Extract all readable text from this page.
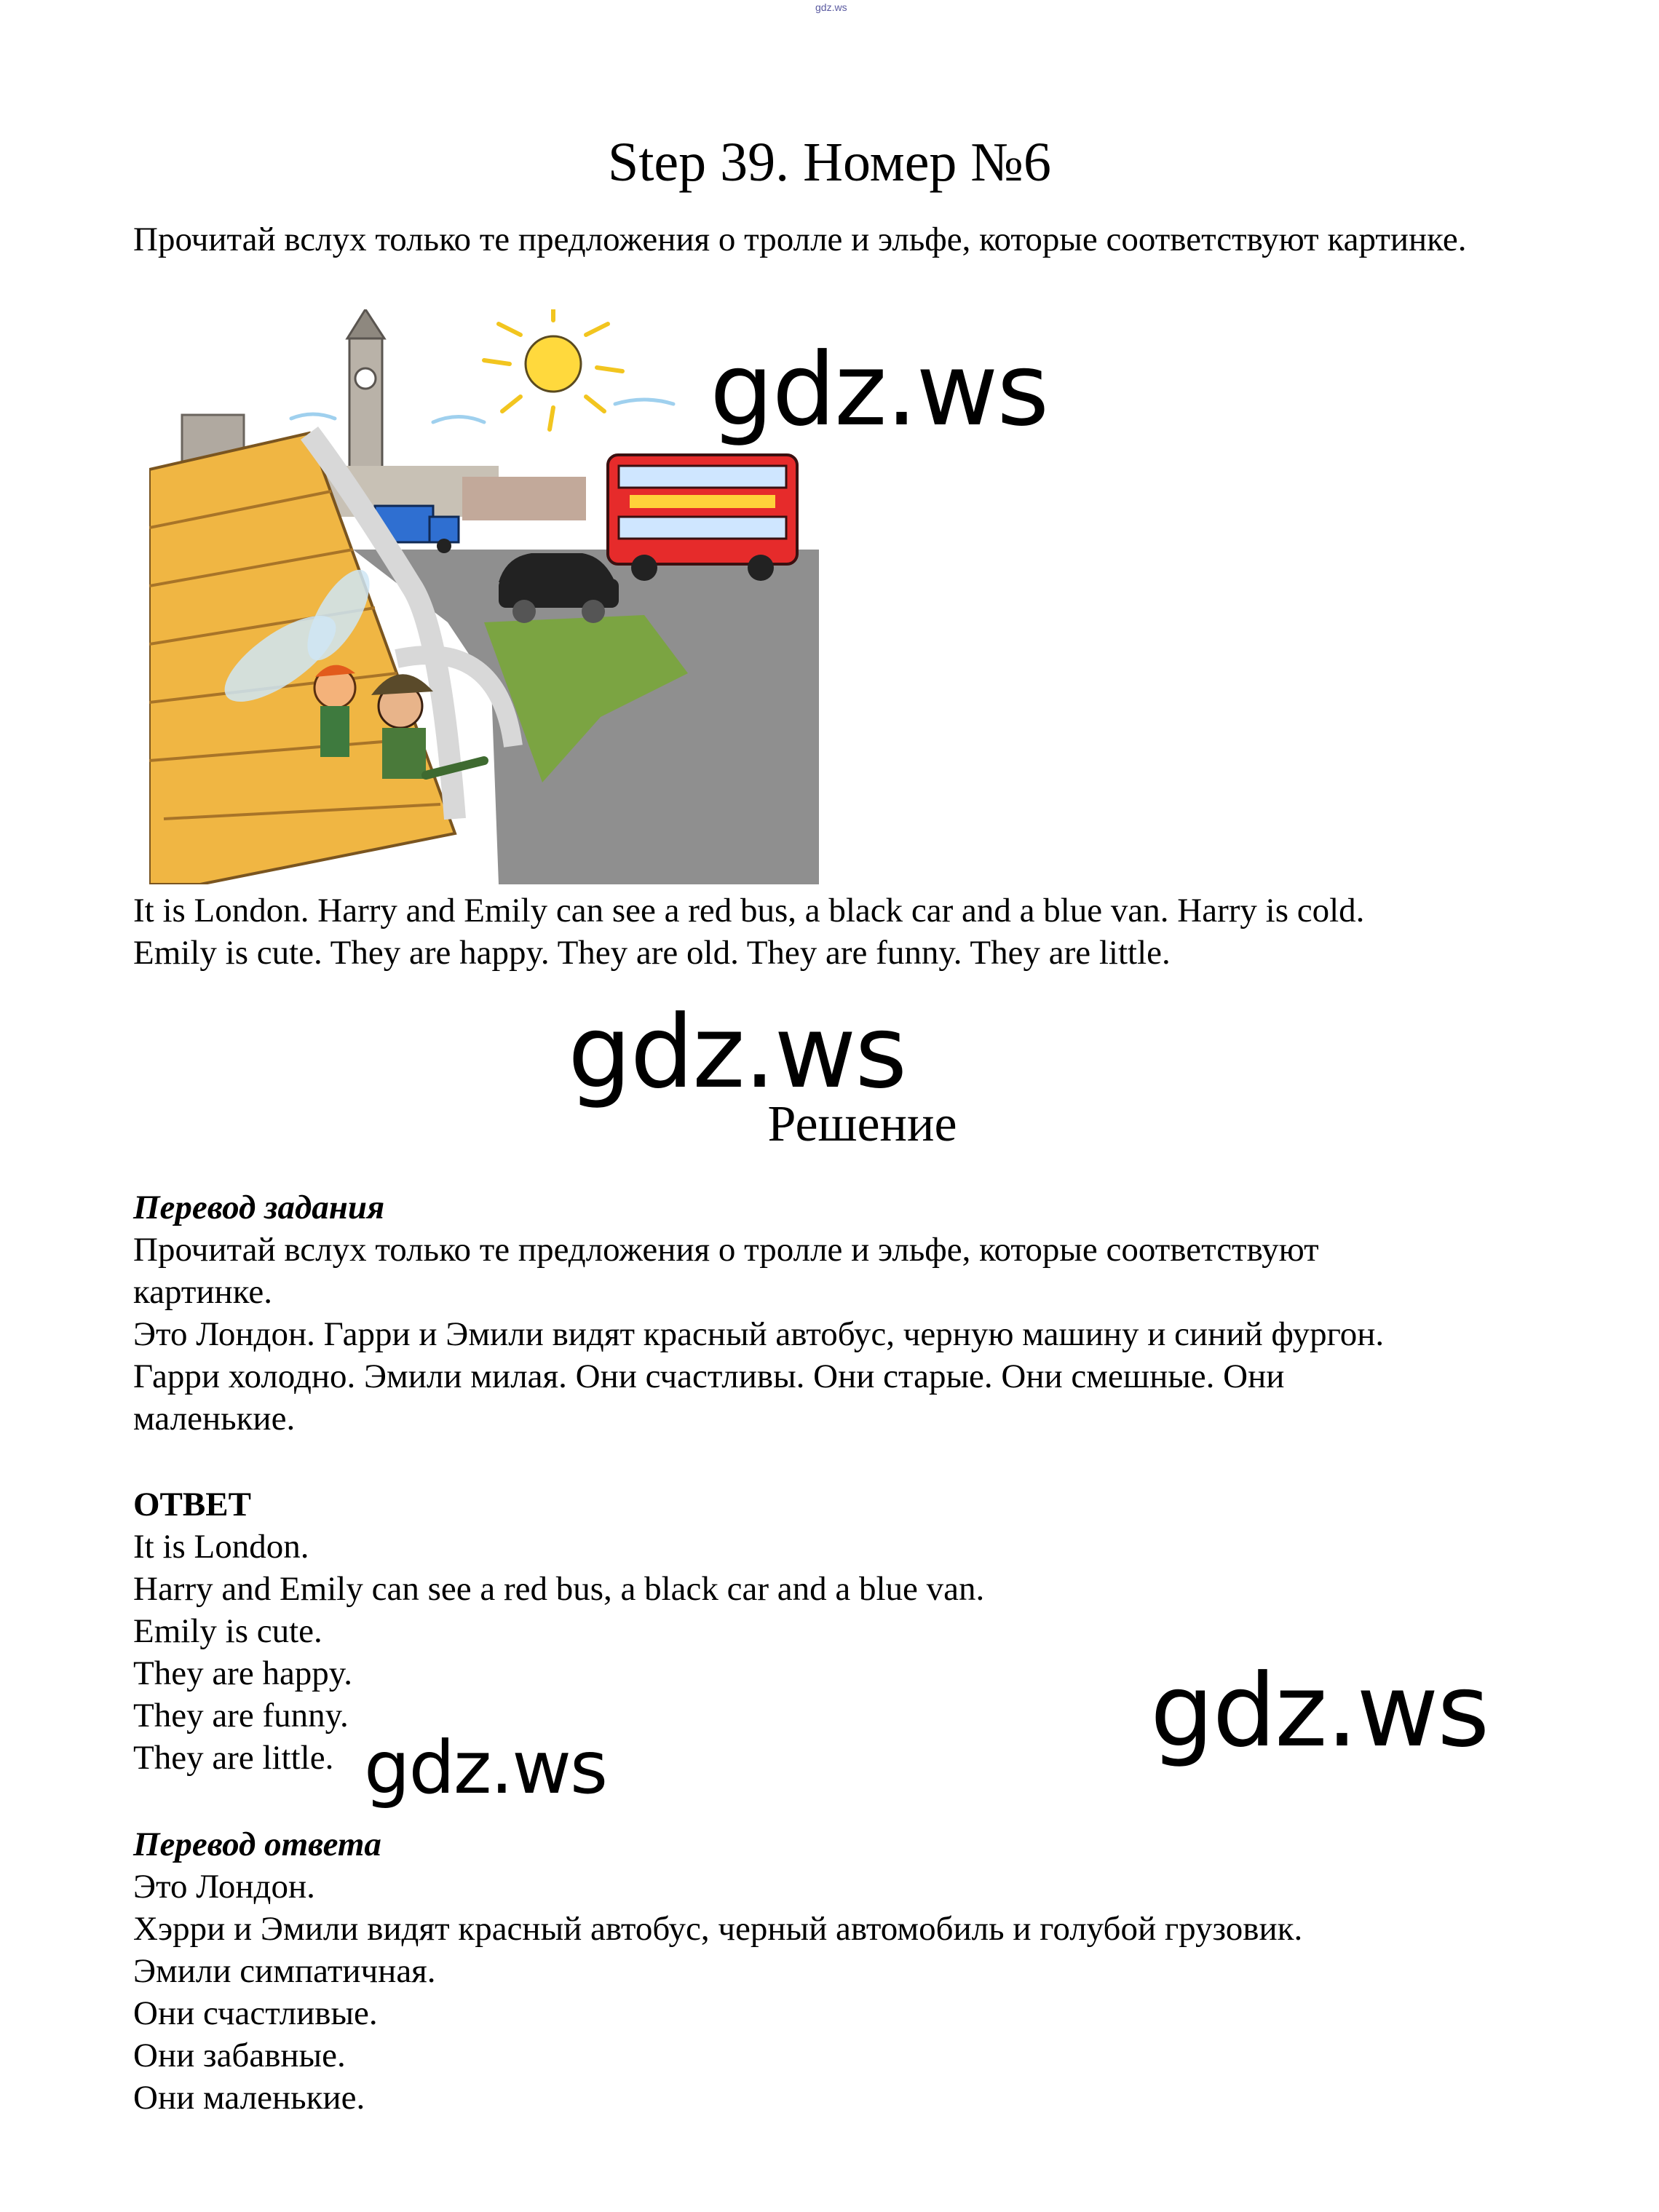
gdz.ws
Step 39. Номер №6
Прочитай вслух только те предложения о тролле и эльфе, которые соответствуют картинке.
gdz.ws
It is London. Harry and Emily can see a red bus, a black car and a blue van. Harry is cold.
Emily is cute. They are happy. They are old. They are funny. They are little.
gdz.ws
Решение
Перевод задания
Прочитай вслух только те предложения о тролле и эльфе, которые соответствуют
картинке.
Это Лондон. Гарри и Эмили видят красный автобус, черную машину и синий фургон.
Гарри холодно. Эмили милая. Они счастливы. Они старые. Они смешные. Они
маленькие.
ОТВЕТ
It is London.
Harry and Emily can see a red bus, a black car and a blue van.
Emily is cute.
They are happy.
They are funny.
They are little.	gdz.ws
gdz.ws
Перевод ответа
Это Лондон.
Хэрри и Эмили видят красный автобус, черный автомобиль и голубой грузовик.
Эмили симпатичная.
Они счастливые.
Они забавные.
Они маленькие.
